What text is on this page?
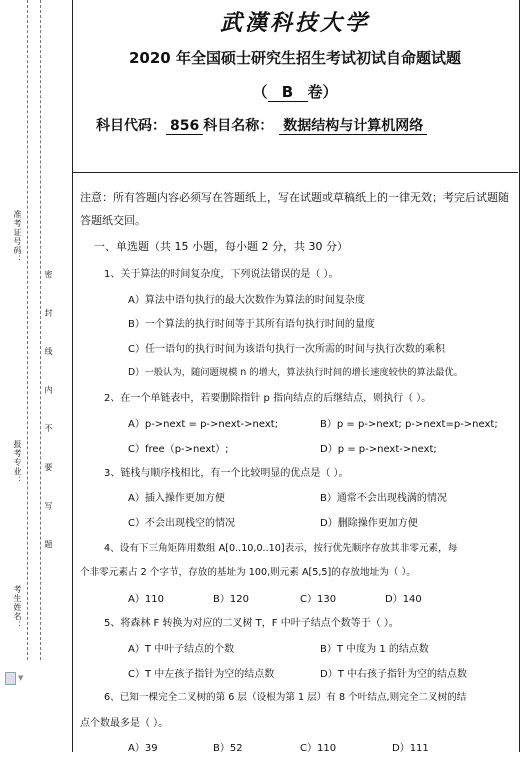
准考证号码：
报考专业：
考生姓名：
密 封 线 内 不 要 写 题
▼
武漢科技大学
2020 年全国硕士研究生招生考试初试自命题试题
（ B 卷）
科目代码： 856 科目名称： 数据结构与计算机网络
注意：所有答题内容必须写在答题纸上，写在试题或草稿纸上的一律无效；考完后试题随答题纸交回。
一、单选题（共 15 小题，每小题 2 分，共 30 分）
1、关于算法的时间复杂度，下列说法错误的是（ ）。
A）算法中语句执行的最大次数作为算法的时间复杂度
B）一个算法的执行时间等于其所有语句执行时间的量度
C）任一语句的执行时间为该语句执行一次所需的时间与执行次数的乘积
D）一般认为，随问题规模 n 的增大，算法执行时间的增长速度较快的算法最优。
2、在一个单链表中，若要删除指针 p 指向结点的后继结点，则执行（ ）。
A）p->next = p->next->next;	B）p = p->next; p->next=p->next;
C）free（p->next）;	D）p = p->next->next;
3、链栈与顺序栈相比，有一个比较明显的优点是（ ）。
A）插入操作更加方便	B）通常不会出现栈满的情况
C）不会出现栈空的情况	D）删除操作更加方便
4、设有下三角矩阵用数组 A[0..10,0..10]表示，按行优先顺序存放其非零元素，每
个非零元素占 2 个字节，存放的基址为 100,则元素 A[5,5]的存放地址为（ ）。
A）110	B）120	C）130	D）140
5、将森林 F 转换为对应的二叉树 T，F 中叶子结点个数等于（ ）。
A）T 中叶子结点的个数	B）T 中度为 1 的结点数
C）T 中左孩子指针为空的结点数	D）T 中右孩子指针为空的结点数
6、已知一棵完全二叉树的第 6 层（设根为第 1 层）有 8 个叶结点,则完全二叉树的结
点个数最多是（ ）。
A）39	B）52	C）110	D）111
